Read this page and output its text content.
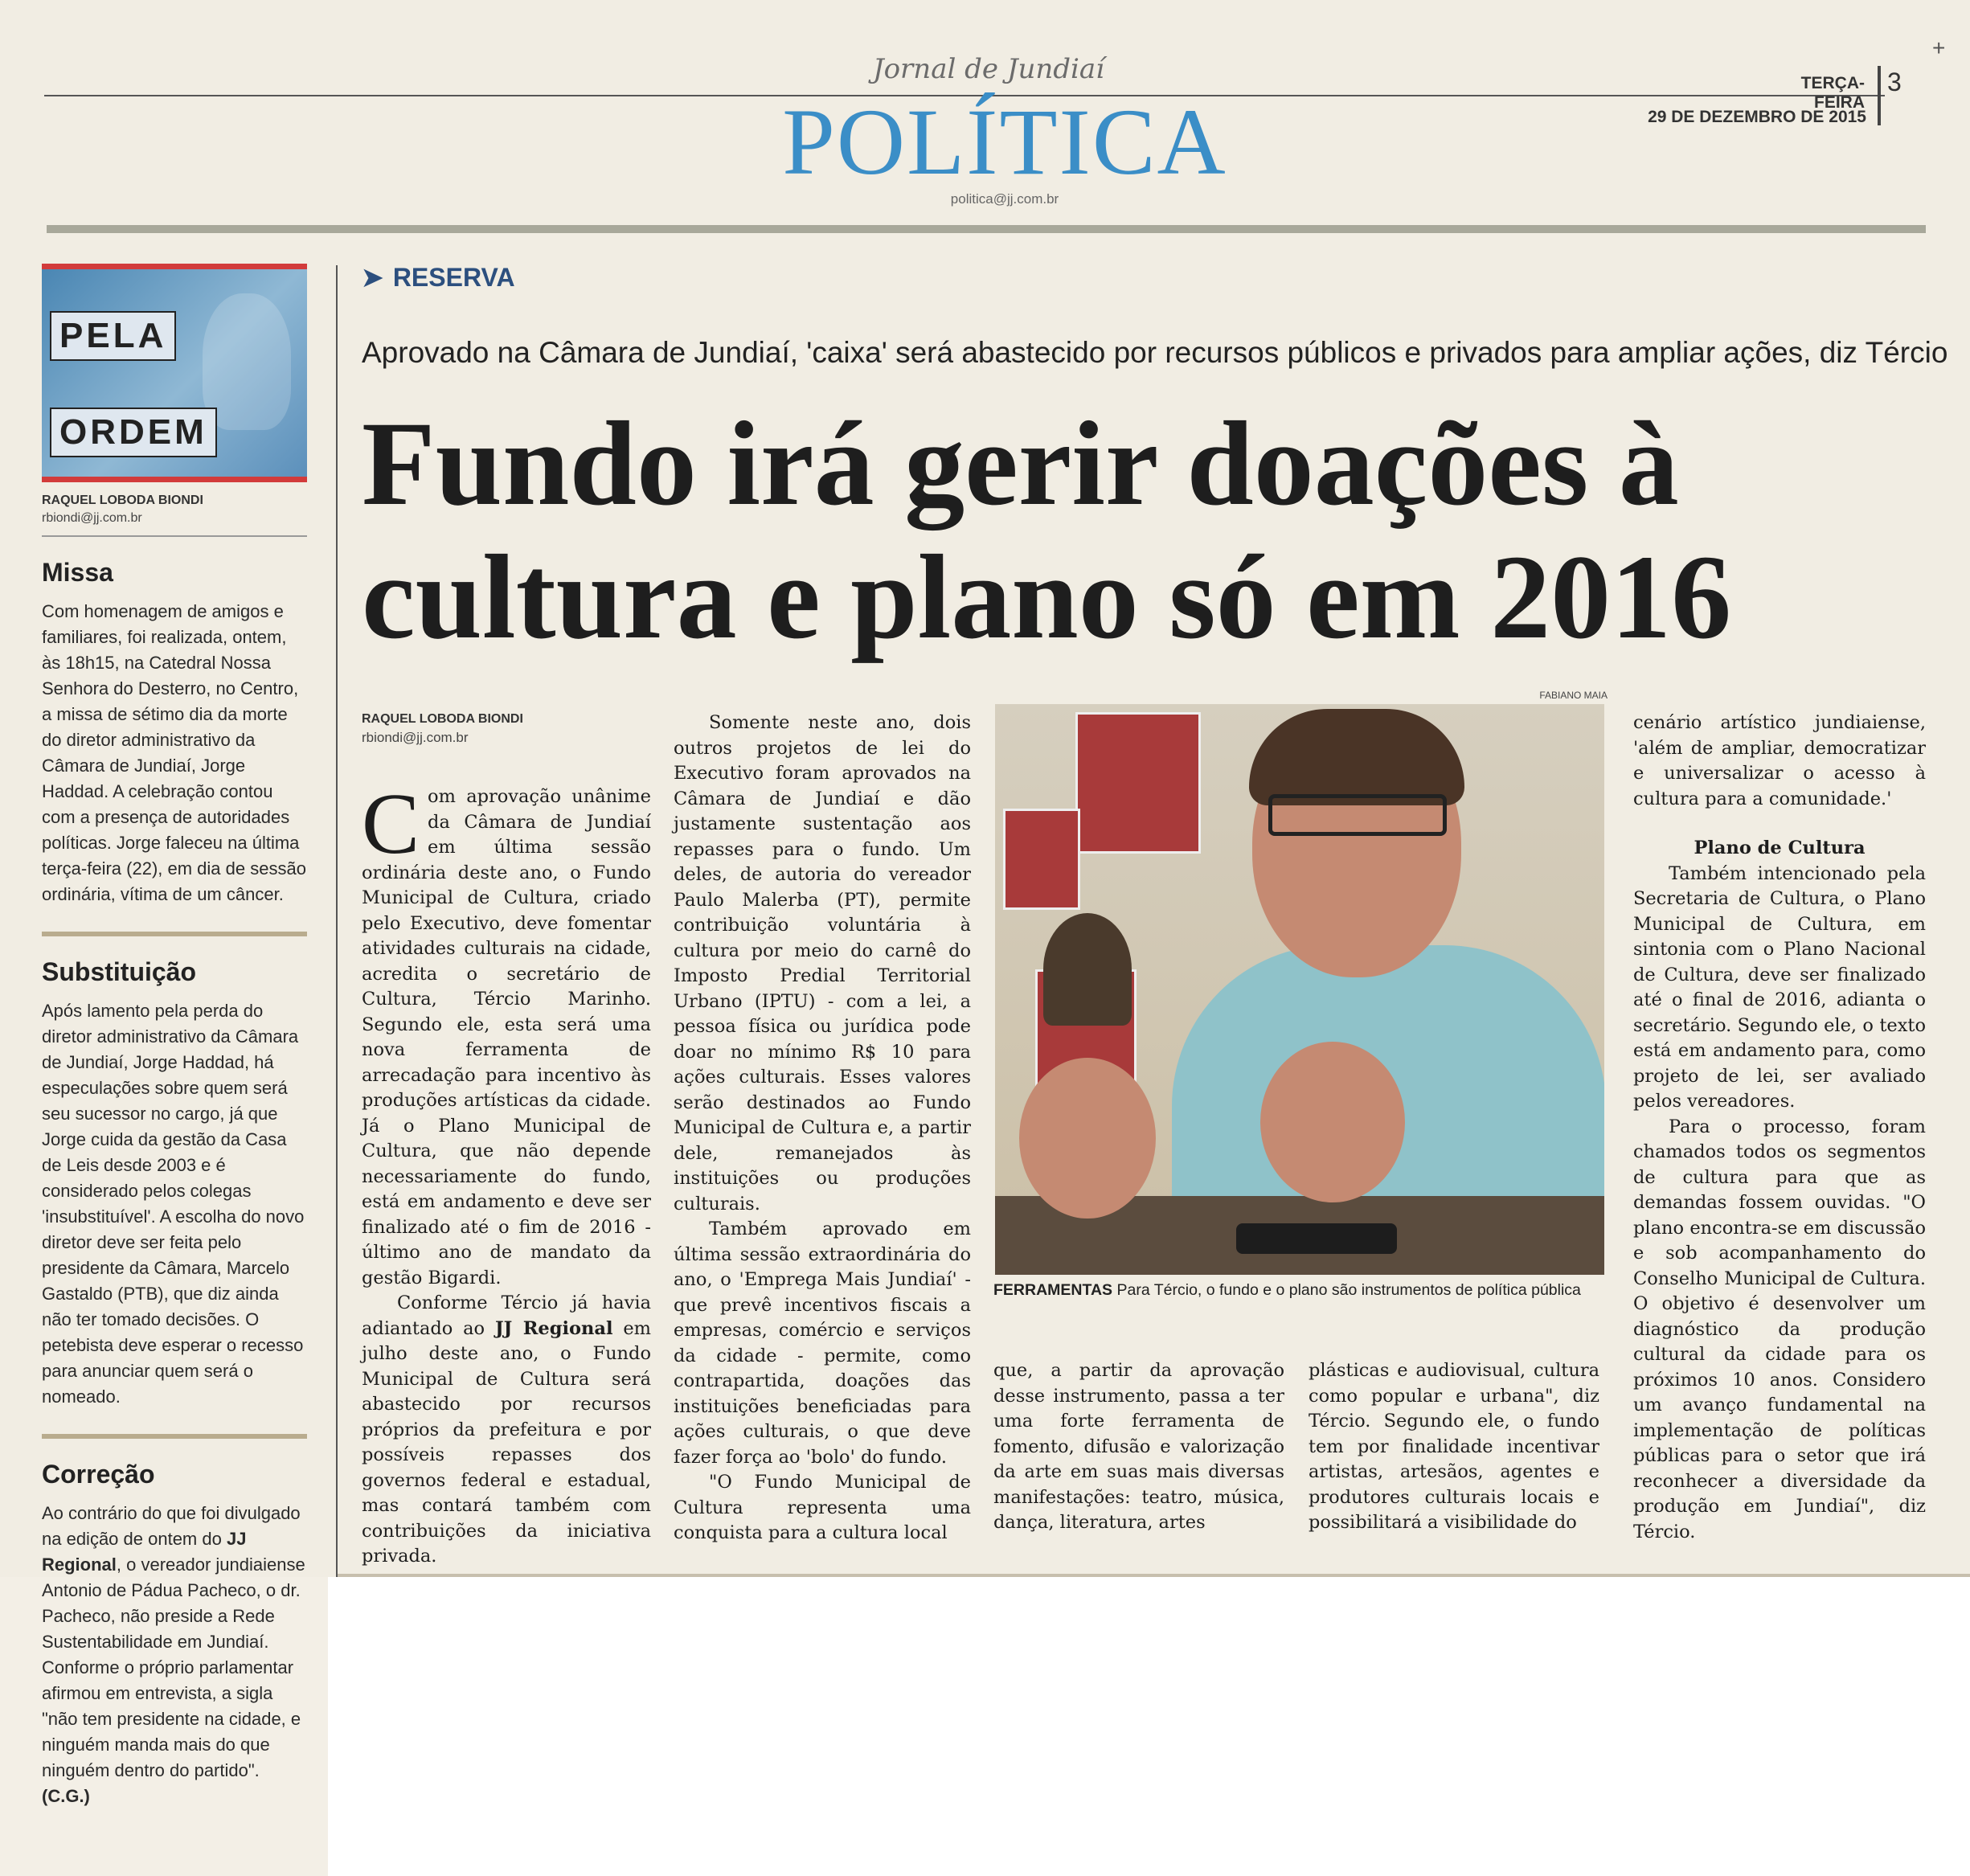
+
Jornal de Jundiaí
POLÍTICA
politica@jj.com.br
TERÇA-FEIRA
29 DE DEZEMBRO DE 2015
3
PELA
ORDEM
RAQUEL LOBODA BIONDI
rbiondi@jj.com.br
Missa
Com homenagem de amigos e familiares, foi realizada, ontem, às 18h15, na Catedral Nossa Senhora do Desterro, no Centro, a missa de sétimo dia da morte do diretor administrativo da Câmara de Jundiaí, Jorge Haddad. A celebração contou com a presença de autoridades políticas. Jorge faleceu na última terça-feira (22), em dia de sessão ordinária, vítima de um câncer.
Substituição
Após lamento pela perda do diretor administrativo da Câmara de Jundiaí, Jorge Haddad, há especulações sobre quem será seu sucessor no cargo, já que Jorge cuida da gestão da Casa de Leis desde 2003 e é considerado pelos colegas 'insubstituível'. A escolha do novo diretor deve ser feita pelo presidente da Câmara, Marcelo Gastaldo (PTB), que diz ainda não ter tomado decisões. O petebista deve esperar o recesso para anunciar quem será o nomeado.
Correção
Ao contrário do que foi divulgado na edição de ontem do JJ Regional, o vereador jundiaiense Antonio de Pádua Pacheco, o dr. Pacheco, não preside a Rede Sustentabilidade em Jundiaí. Conforme o próprio parlamentar afirmou em entrevista, a sigla "não tem presidente na cidade, e ninguém manda mais do que ninguém dentro do partido". (C.G.)
➤ RESERVA
Aprovado na Câmara de Jundiaí, 'caixa' será abastecido por recursos públicos e privados para ampliar ações, diz Tércio
Fundo irá gerir doações à
cultura e plano só em 2016
RAQUEL LOBODA BIONDI
rbiondi@jj.com.br

Com aprovação unânime da Câmara de Jundiaí em última sessão ordinária deste ano, o Fundo Municipal de Cultura, criado pelo Executivo, deve fomentar atividades culturais na cidade, acredita o secretário de Cultura, Tércio Marinho. Segundo ele, esta será uma nova ferramenta de arrecadação para incentivo às produções artísticas da cidade. Já o Plano Municipal de Cultura, que não depende necessariamente do fundo, está em andamento e deve ser finalizado até o fim de 2016 - último ano de mandato da gestão Bigardi.

Conforme Tércio já havia adiantado ao JJ Regional em julho deste ano, o Fundo Municipal de Cultura será abastecido por recursos próprios da prefeitura e por possíveis repasses dos governos federal e estadual, mas contará também com contribuições da iniciativa privada.

Somente neste ano, dois outros projetos de lei do Executivo foram aprovados na Câmara de Jundiaí e dão justamente sustentação aos repasses para o fundo. Um deles, de autoria do vereador Paulo Malerba (PT), permite contribuição voluntária à cultura por meio do carnê do Imposto Predial Territorial Urbano (IPTU) - com a lei, a pessoa física ou jurídica pode doar no mínimo R$ 10 para ações culturais. Esses valores serão destinados ao Fundo Municipal de Cultura e, a partir dele, remanejados às instituições ou produções culturais.

Também aprovado em última sessão extraordinária do ano, o 'Emprega Mais Jundiaí' - que prevê incentivos fiscais a empresas, comércio e serviços da cidade - permite, como contrapartida, doações das instituições beneficiadas para ações culturais, o que deve fazer força ao 'bolo' do fundo.

"O Fundo Municipal de Cultura representa uma conquista para a cultura local

FABIANO MAIA
FERRAMENTAS Para Tércio, o fundo e o plano são instrumentos de política pública

que, a partir da aprovação desse instrumento, passa a ter uma forte ferramenta de fomento, difusão e valorização da arte em suas mais diversas manifestações: teatro, música, dança, literatura, artes

plásticas e audiovisual, cultura como popular e urbana", diz Tércio. Segundo ele, o fundo tem por finalidade incentivar artistas, artesãos, agentes e produtores culturais locais e possibilitará a visibilidade do

cenário artístico jundiaiense, 'além de ampliar, democratizar e universalizar o acesso à cultura para a comunidade.'

Plano de Cultura

Também intencionado pela Secretaria de Cultura, o Plano Municipal de Cultura, em sintonia com o Plano Nacional de Cultura, deve ser finalizado até o final de 2016, adianta o secretário. Segundo ele, o texto está em andamento para, como projeto de lei, ser avaliado pelos vereadores.

Para o processo, foram chamados todos os segmentos de cultura para que as demandas fossem ouvidas. "O plano encontra-se em discussão e sob acompanhamento do Conselho Municipal de Cultura. O objetivo é desenvolver um diagnóstico da produção cultural da cidade para os próximos 10 anos. Considero um avanço fundamental na implementação de políticas públicas para o setor que irá reconhecer a diversidade da produção em Jundiaí", diz Tércio.
